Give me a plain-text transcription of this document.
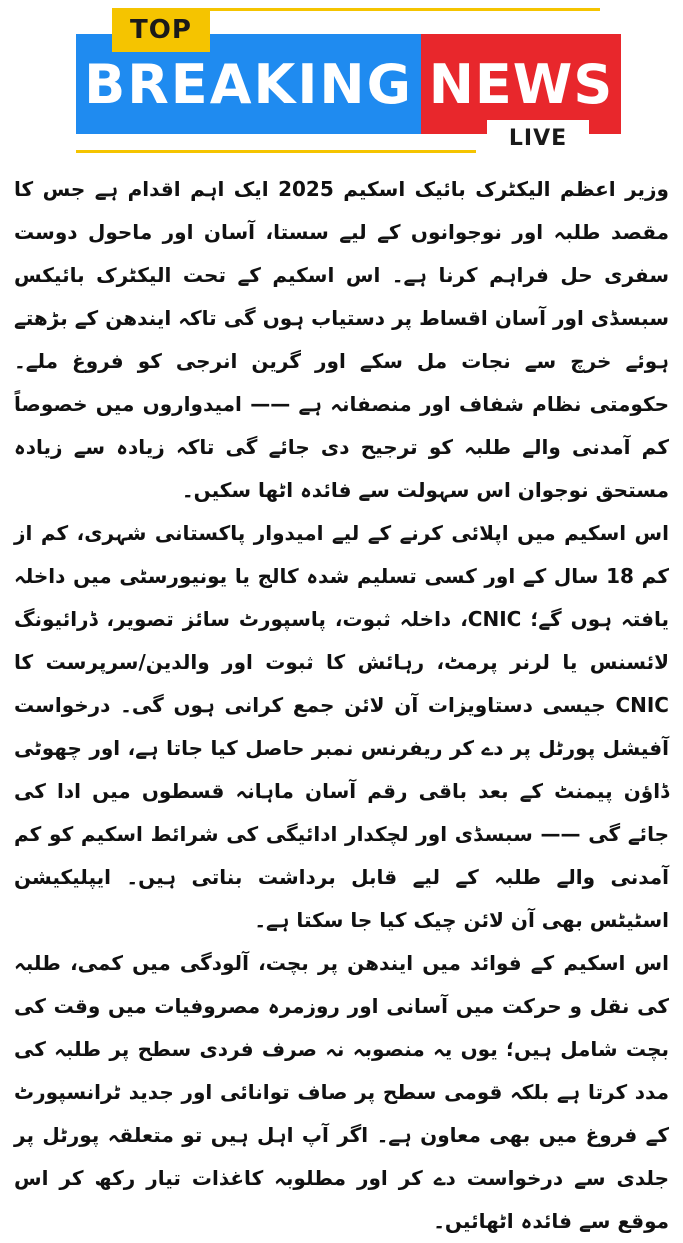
BREAKING NEWS
TOP
LIVE

وزیر اعظم الیکٹرک بائیک اسکیم 2025 ایک اہم اقدام ہے جس کا مقصد طلبہ اور نوجوانوں کے لیے سستا، آسان اور ماحول دوست سفری حل فراہم کرنا ہے۔ اس اسکیم کے تحت الیکٹرک بائیکس سبسڈی اور آسان اقساط پر دستیاب ہوں گی تاکہ ایندھن کے بڑھتے ہوئے خرچ سے نجات مل سکے اور گرین انرجی کو فروغ ملے۔ حکومتی نظام شفاف اور منصفانہ ہے —— امیدواروں میں خصوصاً کم آمدنی والے طلبہ کو ترجیح دی جائے گی تاکہ زیادہ سے زیادہ مستحق نوجوان اس سہولت سے فائدہ اٹھا سکیں۔

اس اسکیم میں اپلائی کرنے کے لیے امیدوار پاکستانی شہری، کم از کم 18 سال کے اور کسی تسلیم شدہ کالج یا یونیورسٹی میں داخلہ یافتہ ہوں گے؛ CNIC، داخلہ ثبوت، پاسپورٹ سائز تصویر، ڈرائیونگ لائسنس یا لرنر پرمٹ، رہائش کا ثبوت اور والدین/سرپرست کا CNIC جیسی دستاویزات آن لائن جمع کرانی ہوں گی۔ درخواست آفیشل پورٹل پر دے کر ریفرنس نمبر حاصل کیا جاتا ہے، اور چھوٹی ڈاؤن پیمنٹ کے بعد باقی رقم آسان ماہانہ قسطوں میں ادا کی جائے گی —— سبسڈی اور لچکدار ادائیگی کی شرائط اسکیم کو کم آمدنی والے طلبہ کے لیے قابل برداشت بناتی ہیں۔ ایپلیکیشن اسٹیٹس بھی آن لائن چیک کیا جا سکتا ہے۔

اس اسکیم کے فوائد میں ایندھن پر بچت، آلودگی میں کمی، طلبہ کی نقل و حرکت میں آسانی اور روزمرہ مصروفیات میں وقت کی بچت شامل ہیں؛ یوں یہ منصوبہ نہ صرف فردی سطح پر طلبہ کی مدد کرتا ہے بلکہ قومی سطح پر صاف توانائی اور جدید ٹرانسپورٹ کے فروغ میں بھی معاون ہے۔ اگر آپ اہل ہیں تو متعلقہ پورٹل پر جلدی سے درخواست دے کر اور مطلوبہ کاغذات تیار رکھ کر اس موقع سے فائدہ اٹھائیں۔
